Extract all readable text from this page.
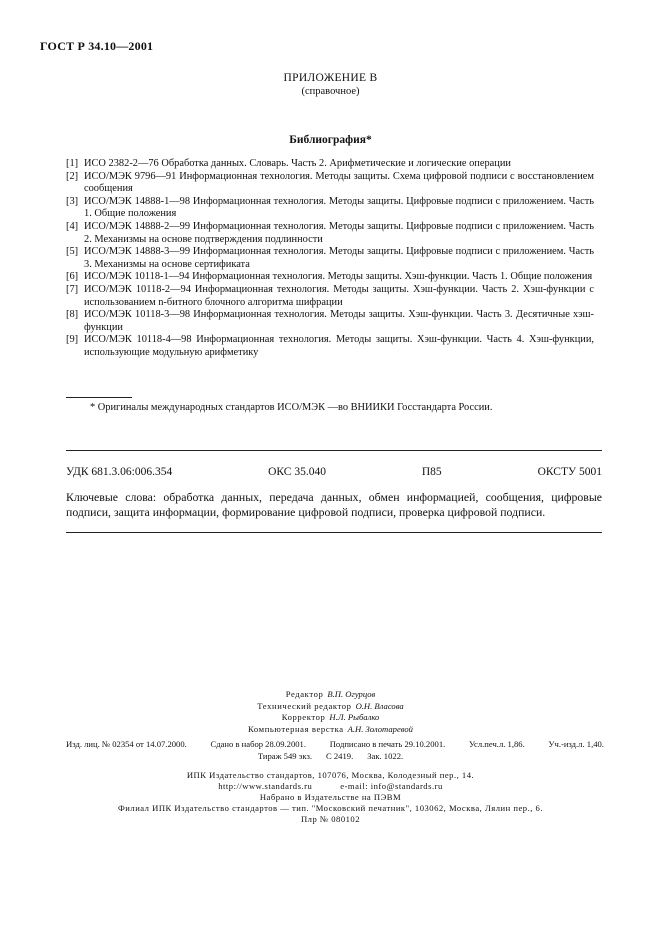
ГОСТ Р 34.10—2001
ПРИЛОЖЕНИЕ В
(справочное)
Библиография*
[1] ИСО 2382-2—76 Обработка данных. Словарь. Часть 2. Арифметические и логические операции
[2] ИСО/МЭК 9796—91 Информационная технология. Методы защиты. Схема цифровой подписи с восстановлением сообщения
[3] ИСО/МЭК 14888-1—98 Информационная технология. Методы защиты. Цифровые подписи с приложением. Часть 1. Общие положения
[4] ИСО/МЭК 14888-2—99 Информационная технология. Методы защиты. Цифровые подписи с приложением. Часть 2. Механизмы на основе подтверждения подлинности
[5] ИСО/МЭК 14888-3—99 Информационная технология. Методы защиты. Цифровые подписи с приложением. Часть 3. Механизмы на основе сертификата
[6] ИСО/МЭК 10118-1—94 Информационная технология. Методы защиты. Хэш-функции. Часть 1. Общие положения
[7] ИСО/МЭК 10118-2—94 Информационная технология. Методы защиты. Хэш-функции. Часть 2. Хэш-функции с использованием n-битного блочного алгоритма шифрации
[8] ИСО/МЭК 10118-3—98 Информационная технология. Методы защиты. Хэш-функции. Часть 3. Десятичные хэш-функции
[9] ИСО/МЭК 10118-4—98 Информационная технология. Методы защиты. Хэш-функции. Часть 4. Хэш-функции, использующие модульную арифметику
* Оригиналы международных стандартов ИСО/МЭК —во ВНИИКИ Госстандарта России.
УДК 681.3.06:006.354	ОКС 35.040	П85	ОКСТУ 5001
Ключевые слова: обработка данных, передача данных, обмен информацией, сообщения, цифровые подписи, защита информации, формирование цифровой подписи, проверка цифровой подписи.
Редактор В.П. Огурцов
Технический редактор О.Н. Власова
Корректор Н.Л. Рыбалко
Компьютерная верстка А.Н. Золотаревой
Изд. лиц. № 02354 от 14.07.2000.	Сдано в набор 28.09.2001.	Подписано в печать 29.10.2001.	Усл.печ.л. 1,86.	Уч.-изд.л. 1,40.
Тираж 549 экз. С 2419. Зак. 1022.
ИПК Издательство стандартов, 107076, Москва, Колодезный пер., 14.
http://www.standards.ru	e-mail: info@standards.ru
Набрано в Издательстве на ПЭВМ
Филиал ИПК Издательство стандартов — тип. "Московский печатник", 103062, Москва, Лялин пер., 6.
Плр № 080102
